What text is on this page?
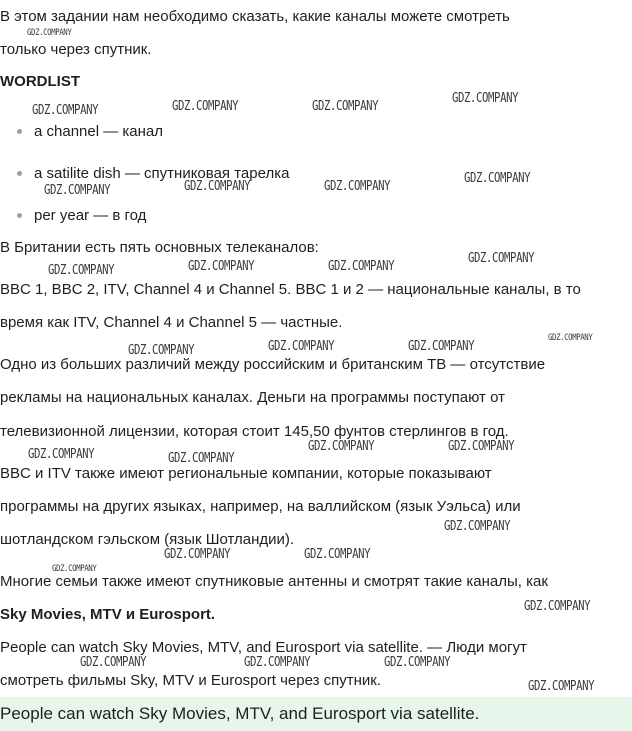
В этом задании нам необходимо сказать, какие каналы можете смотреть
только через спутник.
WORDLIST
a channel — канал
a satilite dish — спутниковая тарелка
per year — в год
В Британии есть пять основных телеканалов:
BBC 1, BBC 2, ITV, Channel 4 и Channel 5. BBC 1 и 2 — национальные каналы, в то
время как ITV, Channel 4 и Channel 5 — частные.
Одно из больших различий между российским и британским ТВ — отсутствие
рекламы на национальных каналах. Деньги на программы поступают от
телевизионной лицензии, которая стоит 145,50 фунтов стерлингов в год.
BBC и ITV также имеют региональные компании, которые показывают
программы на других языках, например, на валлийском (язык Уэльса) или
шотландском гэльском (язык Шотландии).
Многие семьи также имеют спутниковые антенны и смотрят такие каналы, как
Sky Movies, MTV и Eurosport.
People can watch Sky Movies, MTV, and Eurosport via satellite. — Люди могут
смотреть фильмы Sky, MTV и Eurosport через спутник.
People can watch Sky Movies, MTV, and Eurosport via satellite.
GDZ.COMPANY
GDZ.COMPANY	GDZ.COMPANY	GDZ.COMPANY
GDZ.COMPANY
GDZ.COMPANY	GDZ.COMPANY	GDZ.COMPANY
GDZ.COMPANY
GDZ.COMPANY	GDZ.COMPANY	GDZ.COMPANY
GDZ.COMPANY
GDZ.COMPANY
GDZ.COMPANY	GDZ.COMPANY	GDZ.COMPANY
GDZ.COMPANY	GDZ.COMPANY
GDZ.COMPANY	GDZ.COMPANY
GDZ.COMPANY
GDZ.COMPANY	GDZ.COMPANY
GDZ.COMPANY
GDZ.COMPANY
GDZ.COMPANY	GDZ.COMPANY	GDZ.COMPANY
GDZ.COMPANY
